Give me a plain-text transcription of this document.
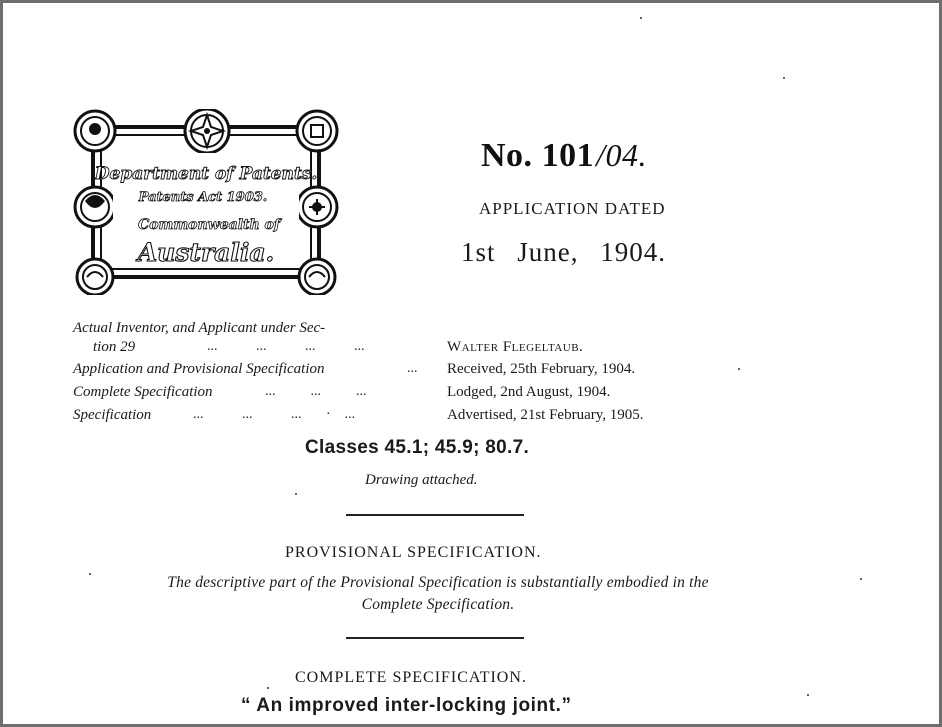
Department of Patents.
Patents Act 1903.
Commonwealth of
Australia.
No. 101/04.
APPLICATION DATED
1st June, 1904.
Actual Inventor, and Applicant under Sec-
tion 29	...           ...           ...           ...	Walter Flegeltaub.
Application and Provisional Specification	... Received, 25th February, 1904.
Complete Specification	...          ...          ...	Lodged, 2nd August, 1904.
Specification	...           ...           ...       ·    ...	Advertised, 21st February, 1905.
Classes 45.1; 45.9; 80.7.
Drawing attached.
PROVISIONAL SPECIFICATION.
The descriptive part of the Provisional Specification is substantially embodied in the
Complete Specification.
COMPLETE SPECIFICATION.
“ An improved inter-locking joint.”
